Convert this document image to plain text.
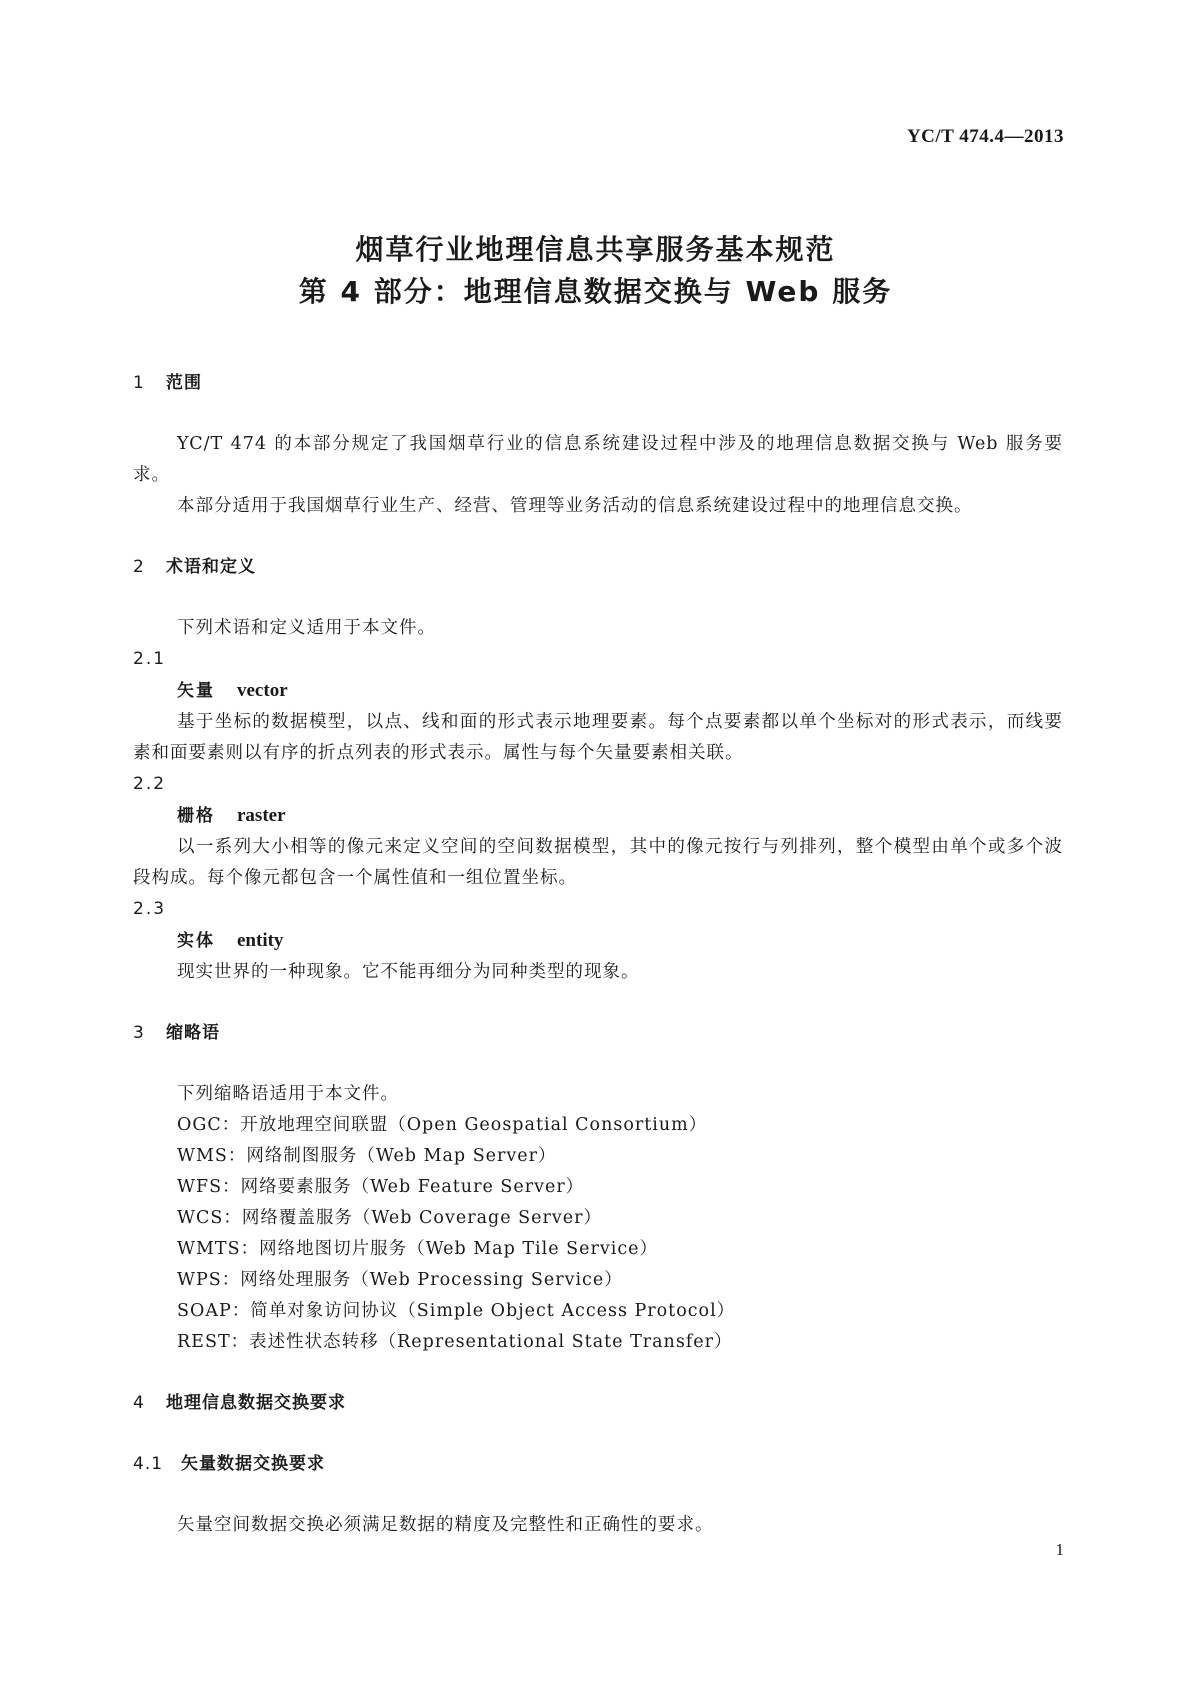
YC/T 474.4—2013
烟草行业地理信息共享服务基本规范
第 4 部分：地理信息数据交换与 Web 服务
1 范围

YC/T 474 的本部分规定了我国烟草行业的信息系统建设过程中涉及的地理信息数据交换与 Web 服务要求。

本部分适用于我国烟草行业生产、经营、管理等业务活动的信息系统建设过程中的地理信息交换。

2 术语和定义

下列术语和定义适用于本文件。

2.1
矢量 vector

基于坐标的数据模型，以点、线和面的形式表示地理要素。每个点要素都以单个坐标对的形式表示，而线要素和面要素则以有序的折点列表的形式表示。属性与每个矢量要素相关联。

2.2
栅格 raster

以一系列大小相等的像元来定义空间的空间数据模型，其中的像元按行与列排列，整个模型由单个或多个波段构成。每个像元都包含一个属性值和一组位置坐标。

2.3
实体 entity

现实世界的一种现象。它不能再细分为同种类型的现象。

3 缩略语

下列缩略语适用于本文件。

OGC：开放地理空间联盟（Open Geospatial Consortium）
WMS：网络制图服务（Web Map Server）
WFS：网络要素服务（Web Feature Server）
WCS：网络覆盖服务（Web Coverage Server）
WMTS：网络地图切片服务（Web Map Tile Service）
WPS：网络处理服务（Web Processing Service）
SOAP：简单对象访问协议（Simple Object Access Protocol）
REST：表述性状态转移（Representational State Transfer）
4 地理信息数据交换要求
4.1 矢量数据交换要求

矢量空间数据交换必须满足数据的精度及完整性和正确性的要求。

1
